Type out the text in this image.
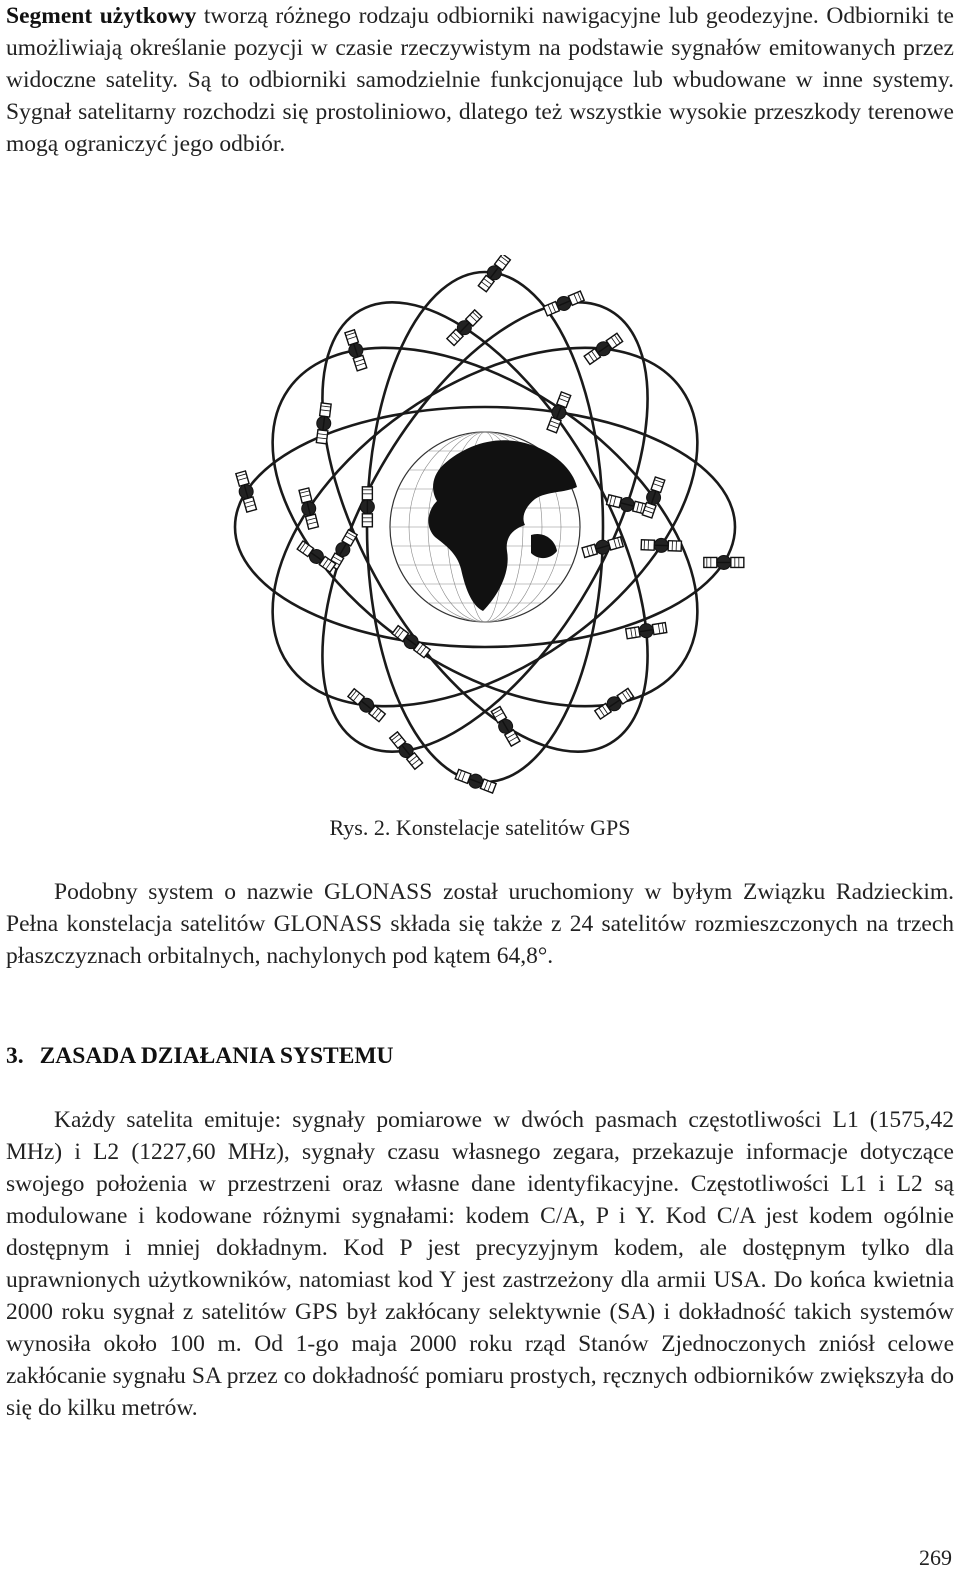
Segment użytkowy tworzą różnego rodzaju odbiorniki nawigacyjne lub geodezyjne. Odbiorniki te umożliwiają określanie pozycji w czasie rzeczywistym na podstawie sygnałów emitowanych przez widoczne satelity. Są to odbiorniki samodzielnie funkcjonujące lub wbudowane w inne systemy. Sygnał satelitarny rozchodzi się prostoliniowo, dlatego też wszystkie wysokie przeszkody terenowe mogą ograniczyć jego odbiór.

Rys. 2. Konstelacje satelitów GPS

Podobny system o nazwie GLONASS został uruchomiony w byłym Związku Radzieckim. Pełna konstelacja satelitów GLONASS składa się także z 24 satelitów rozmieszczonych na trzech płaszczyznach orbitalnych, nachylonych pod kątem 64,8°.

3. ZASADA DZIAŁANIA SYSTEMU

Każdy satelita emituje: sygnały pomiarowe w dwóch pasmach częstotliwości L1 (1575,42 MHz) i L2 (1227,60 MHz), sygnały czasu własnego zegara, przekazuje informacje dotyczące swojego położenia w przestrzeni oraz własne dane identyfikacyjne. Częstotliwości L1 i L2 są modulowane i kodowane różnymi sygnałami: kodem C/A, P i Y. Kod C/A jest kodem ogólnie dostępnym i mniej dokładnym. Kod P jest precyzyjnym kodem, ale dostępnym tylko dla uprawnionych użytkowników, natomiast kod Y jest zastrzeżony dla armii USA. Do końca kwietnia 2000 roku sygnał z satelitów GPS był zakłócany selektywnie (SA) i dokładność takich systemów wynosiła około 100 m. Od 1-go maja 2000 roku rząd Stanów Zjednoczonych zniósł celowe zakłócanie sygnału SA przez co dokładność pomiaru prostych, ręcznych odbiorników zwiększyła do się do kilku metrów.

269
